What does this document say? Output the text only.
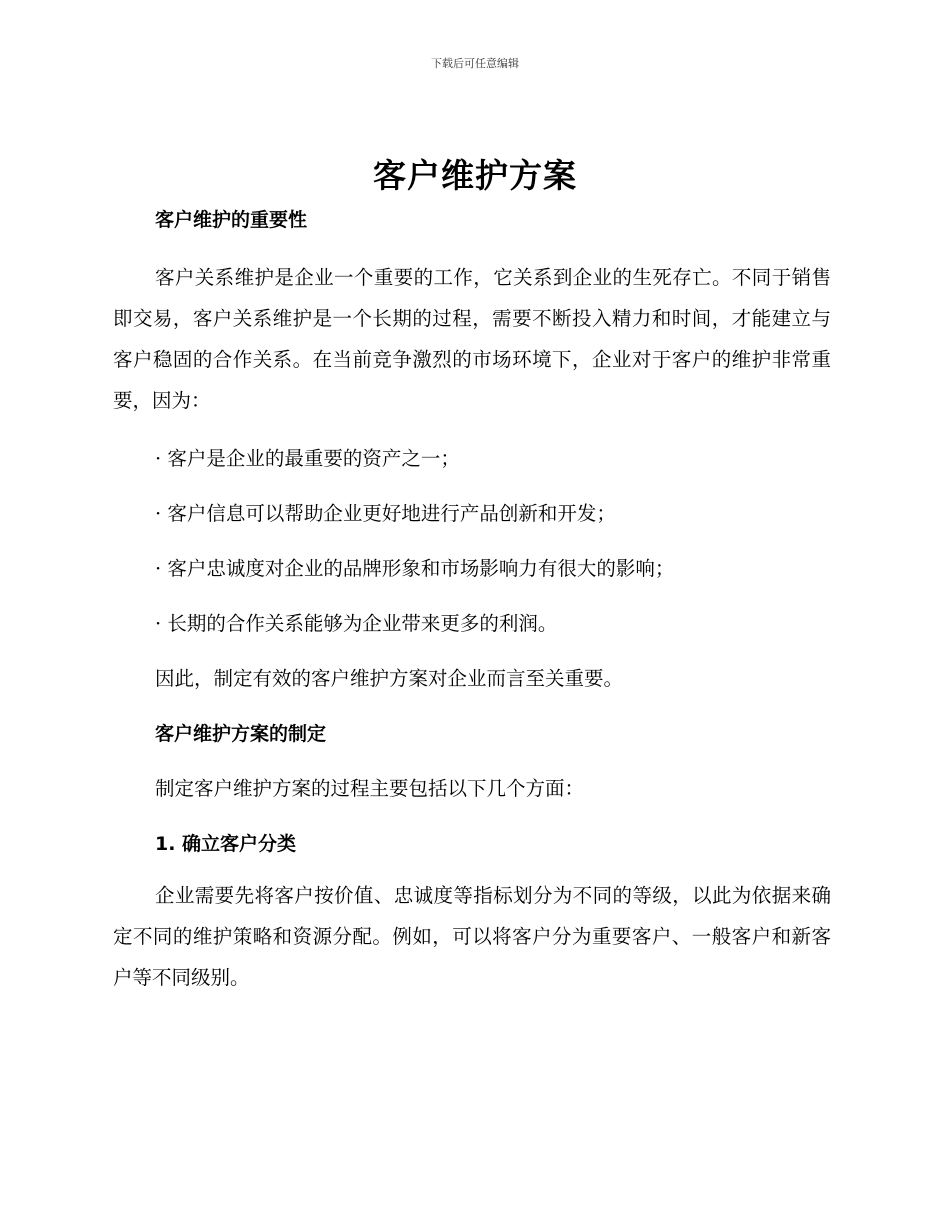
下载后可任意编辑
客户维护方案

客户维护的重要性

客户关系维护是企业一个重要的工作，它关系到企业的生死存亡。不同于销售即交易，客户关系维护是一个长期的过程，需要不断投入精力和时间，才能建立与客户稳固的合作关系。在当前竞争激烈的市场环境下，企业对于客户的维护非常重要，因为：

· 客户是企业的最重要的资产之一；

· 客户信息可以帮助企业更好地进行产品创新和开发；

· 客户忠诚度对企业的品牌形象和市场影响力有很大的影响；

· 长期的合作关系能够为企业带来更多的利润。

因此，制定有效的客户维护方案对企业而言至关重要。

客户维护方案的制定

制定客户维护方案的过程主要包括以下几个方面：

1. 确立客户分类

企业需要先将客户按价值、忠诚度等指标划分为不同的等级，以此为依据来确定不同的维护策略和资源分配。例如，可以将客户分为重要客户、一般客户和新客户等不同级别。
